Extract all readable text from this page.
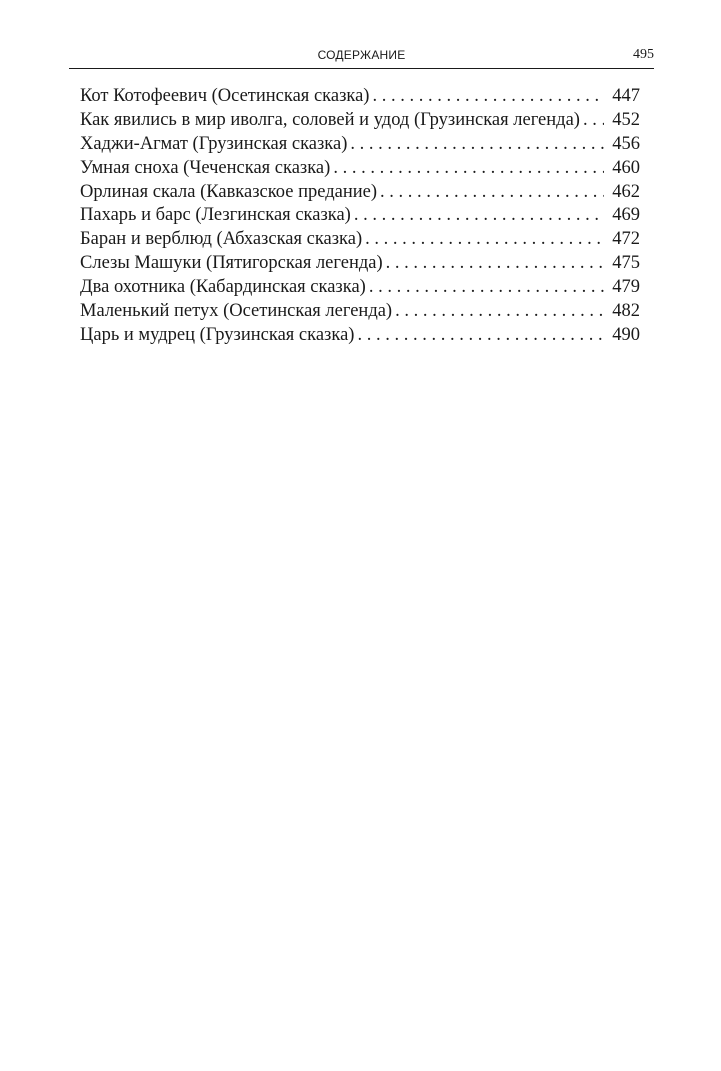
СОДЕРЖАНИЕ	495
Кот Котофеевич (Осетинская сказка) . . .	447
Как явились в мир иволга, соловей и удод (Грузинская легенда) . . .	452
Хаджи-Агмат (Грузинская сказка) . . .	456
Умная сноха (Чеченская сказка) . . .	460
Орлиная скала (Кавказское предание) . . .	462
Пахарь и барс (Лезгинская сказка) . . .	469
Баран и верблюд (Абхазская сказка) . . .	472
Слезы Машуки (Пятигорская легенда) . . .	475
Два охотника (Кабардинская сказка) . . .	479
Маленький петух (Осетинская легенда) . . .	482
Царь и мудрец (Грузинская сказка) . . .	490
